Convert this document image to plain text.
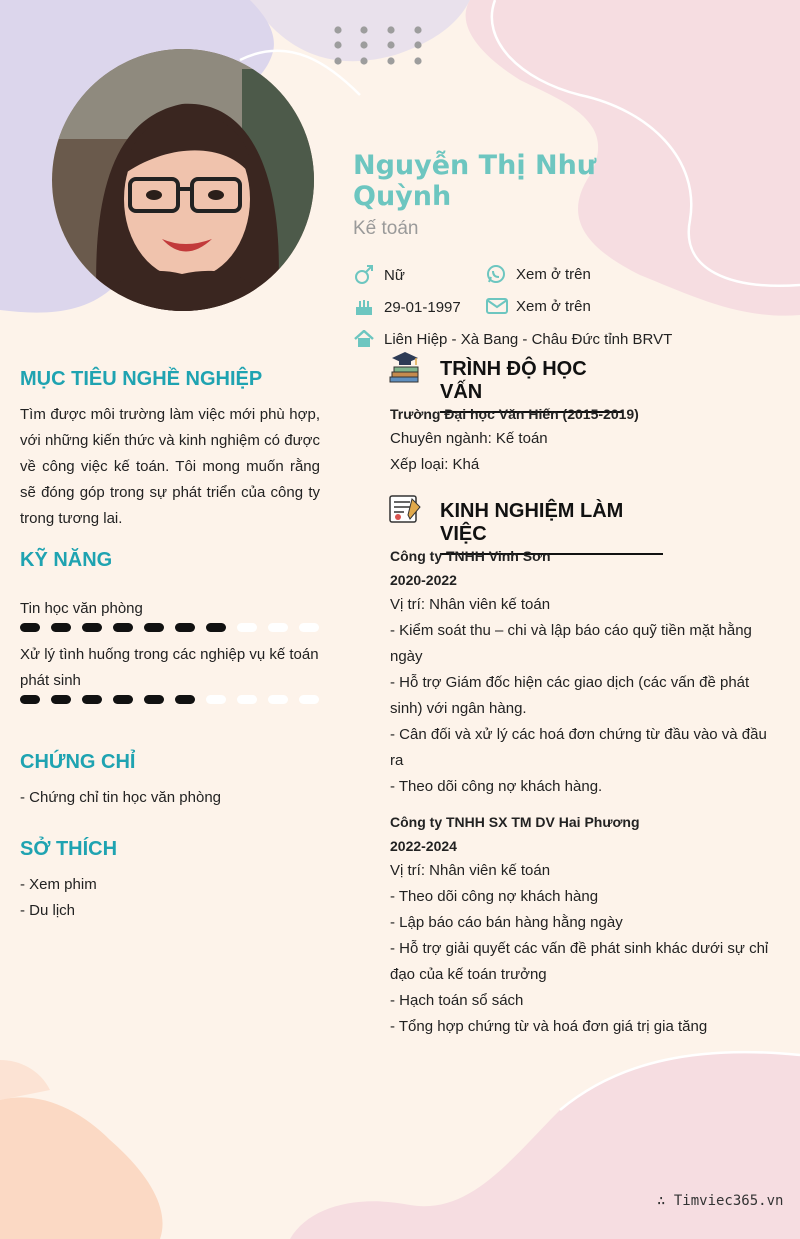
Nguyễn Thị Như Quỳnh
Kế toán
Nữ	Xem ở trên
29-01-1997	Xem ở trên
Liên Hiệp - Xà Bang - Châu Đức tỉnh BRVT
MỤC TIÊU NGHỀ NGHIỆP
Tìm được môi trường làm việc mới phù hợp, với những kiến thức và kinh nghiệm có được về công việc kế toán. Tôi mong muốn rằng sẽ đóng góp trong sự phát triển của công ty trong tương lai.
KỸ NĂNG
Tin học văn phòng
Xử lý tình huống trong các nghiệp vụ kế toán phát sinh
CHỨNG CHỈ
- Chứng chỉ tin học văn phòng
SỞ THÍCH
- Xem phim
- Du lịch
TRÌNH ĐỘ HỌC VẤN
Trường Đại học Văn Hiến (2015-2019)
Chuyên ngành: Kế toán
Xếp loại: Khá
KINH NGHIỆM LÀM VIỆC
Công ty TNHH Vinh Sơn
2020-2022
Vị trí: Nhân viên kế toán
- Kiểm soát thu – chi và lập báo cáo quỹ tiền mặt hằng ngày
- Hỗ trợ Giám đốc hiện các giao dịch (các vấn đề phát sinh) với ngân hàng.
- Cân đối và xử lý các hoá đơn chứng từ đầu vào và đầu ra
- Theo dõi công nợ khách hàng.
Công ty TNHH SX TM DV Hai Phương
2022-2024
Vị trí: Nhân viên kế toán
- Theo dõi công nợ khách hàng
- Lập báo cáo bán hàng hằng ngày
- Hỗ trợ giải quyết các vấn đề phát sinh khác dưới sự chỉ đạo của kế toán trưởng
- Hạch toán sổ sách
- Tổng hợp chứng từ và hoá đơn giá trị gia tăng
∴ Timviec365.vn
